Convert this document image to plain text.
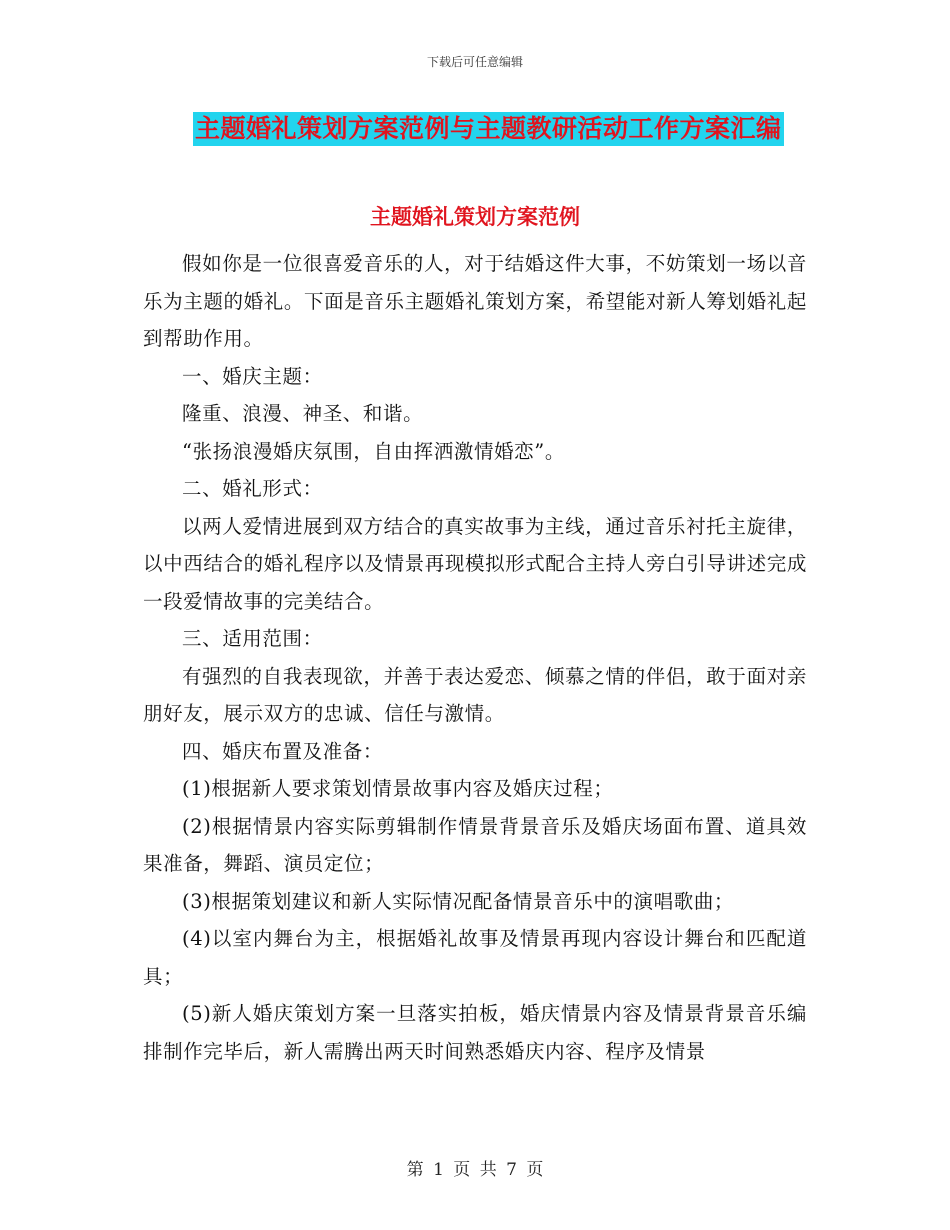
下载后可任意编辑
主题婚礼策划方案范例与主题教研活动工作方案汇编
主题婚礼策划方案范例

假如你是一位很喜爱音乐的人，对于结婚这件大事，不妨策划一场以音乐为主题的婚礼。下面是音乐主题婚礼策划方案，希望能对新人筹划婚礼起到帮助作用。

一、婚庆主题：

隆重、浪漫、神圣、和谐。

“张扬浪漫婚庆氛围，自由挥洒激情婚恋”。

二、婚礼形式：

以两人爱情进展到双方结合的真实故事为主线，通过音乐衬托主旋律，以中西结合的婚礼程序以及情景再现模拟形式配合主持人旁白引导讲述完成一段爱情故事的完美结合。

三、适用范围：

有强烈的自我表现欲，并善于表达爱恋、倾慕之情的伴侣，敢于面对亲朋好友，展示双方的忠诚、信任与激情。

四、婚庆布置及准备：

(1)根据新人要求策划情景故事内容及婚庆过程；

(2)根据情景内容实际剪辑制作情景背景音乐及婚庆场面布置、道具效果准备，舞蹈、演员定位；

(3)根据策划建议和新人实际情况配备情景音乐中的演唱歌曲；

(4)以室内舞台为主，根据婚礼故事及情景再现内容设计舞台和匹配道具；

(5)新人婚庆策划方案一旦落实拍板，婚庆情景内容及情景背景音乐编排制作完毕后，新人需腾出两天时间熟悉婚庆内容、程序及情景

第 1 页 共 7 页
